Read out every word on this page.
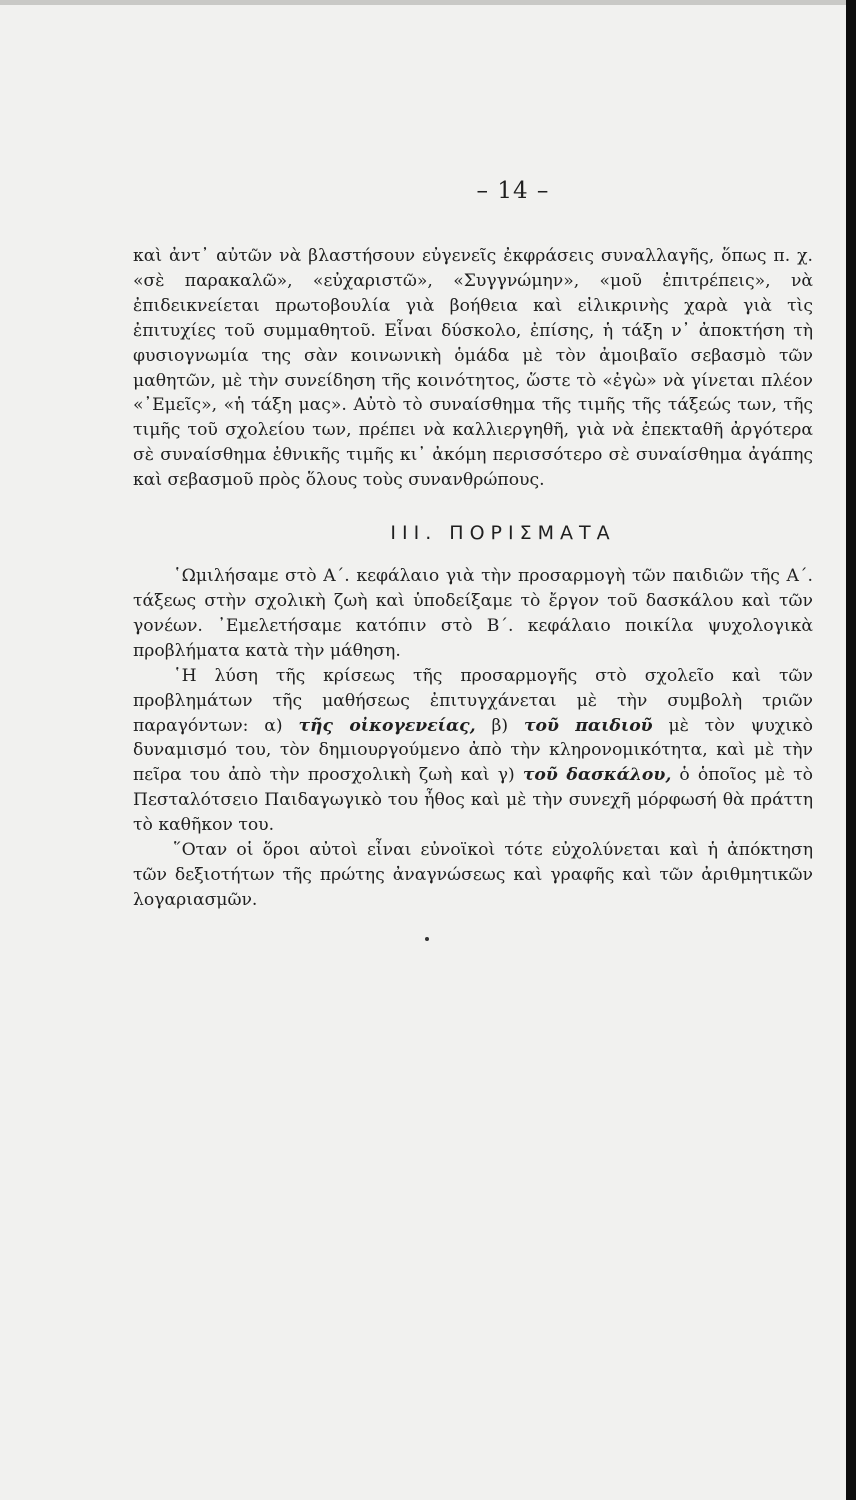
– 14 –

καὶ ἀντ᾽ αὐτῶν νὰ βλαστήσουν εὐγενεῖς ἐκφράσεις συναλλαγῆς, ὅπως π. χ. «σὲ παρακαλῶ», «εὐχαριστῶ», «Συγγνώμην», «μοῦ ἐπιτρέπεις», νὰ ἐπιδεικνείεται πρωτοβουλία γιὰ βοήθεια καὶ εἰλικρινὴς χαρὰ γιὰ τὶς ἐπιτυχίες τοῦ συμμαθητοῦ. Εἶναι δύσκολο, ἐπίσης, ἡ τάξη ν᾽ ἀποκτήση τὴ φυσιογνωμία της σὰν κοινωνικὴ ὁμάδα μὲ τὸν ἀμοιβαῖο σεβασμὸ τῶν μαθητῶν, μὲ τὴν συνείδηση τῆς κοινότητος, ὥστε τὸ «ἐγὼ» νὰ γίνεται πλέον «᾽Εμεῖς», «ἡ τάξη μας». Αὐτὸ τὸ συναίσθημα τῆς τιμῆς τῆς τάξεώς των, τῆς τιμῆς τοῦ σχολείου των, πρέπει νὰ καλλιεργηθῆ, γιὰ νὰ ἐπεκταθῆ ἀργότερα σὲ συναίσθημα ἐθνικῆς τιμῆς κι᾽ ἀκόμη περισσότερο σὲ συναίσθημα ἀγάπης καὶ σεβασμοῦ πρὸς ὅλους τοὺς συνανθρώπους.

III. ΠΟΡΙΣΜΑΤΑ

῾Ωμιλήσαμε στὸ Α΄. κεφάλαιο γιὰ τὴν προσαρμογὴ τῶν παιδιῶν τῆς Α΄. τάξεως στὴν σχολικὴ ζωὴ καὶ ὑποδείξαμε τὸ ἔργον τοῦ δασκάλου καὶ τῶν γονέων. ᾽Εμελετήσαμε κατόπιν στὸ Β΄. κεφάλαιο ποικίλα ψυχολογικὰ προβλήματα κατὰ τὴν μάθηση.

῾Η λύση τῆς κρίσεως τῆς προσαρμογῆς στὸ σχολεῖο καὶ τῶν προβλημάτων τῆς μαθήσεως ἐπιτυγχάνεται μὲ τὴν συμβολὴ τριῶν παραγόντων: α) τῆς οἰκογενείας, β) τοῦ παιδιοῦ μὲ τὸν ψυχικὸ δυναμισμό του, τὸν δημιουργούμενο ἀπὸ τὴν κληρονομικότητα, καὶ μὲ τὴν πεῖρα του ἀπὸ τὴν προσχολικὴ ζωὴ καὶ γ) τοῦ δασκάλου, ὁ ὁποῖος μὲ τὸ Πεσταλότσειο Παιδαγωγικὸ του ἦθος καὶ μὲ τὴν συνεχῆ μόρφωσή θὰ πράττη τὸ καθῆκον του.

῞Οταν οἱ ὅροι αὐτοὶ εἶναι εὐνοϊκοὶ τότε εὐχολύνεται καὶ ἡ ἀπόκτηση τῶν δεξιοτήτων τῆς πρώτης ἀναγνώσεως καὶ γραφῆς καὶ τῶν ἀριθμητικῶν λογαριασμῶν.
